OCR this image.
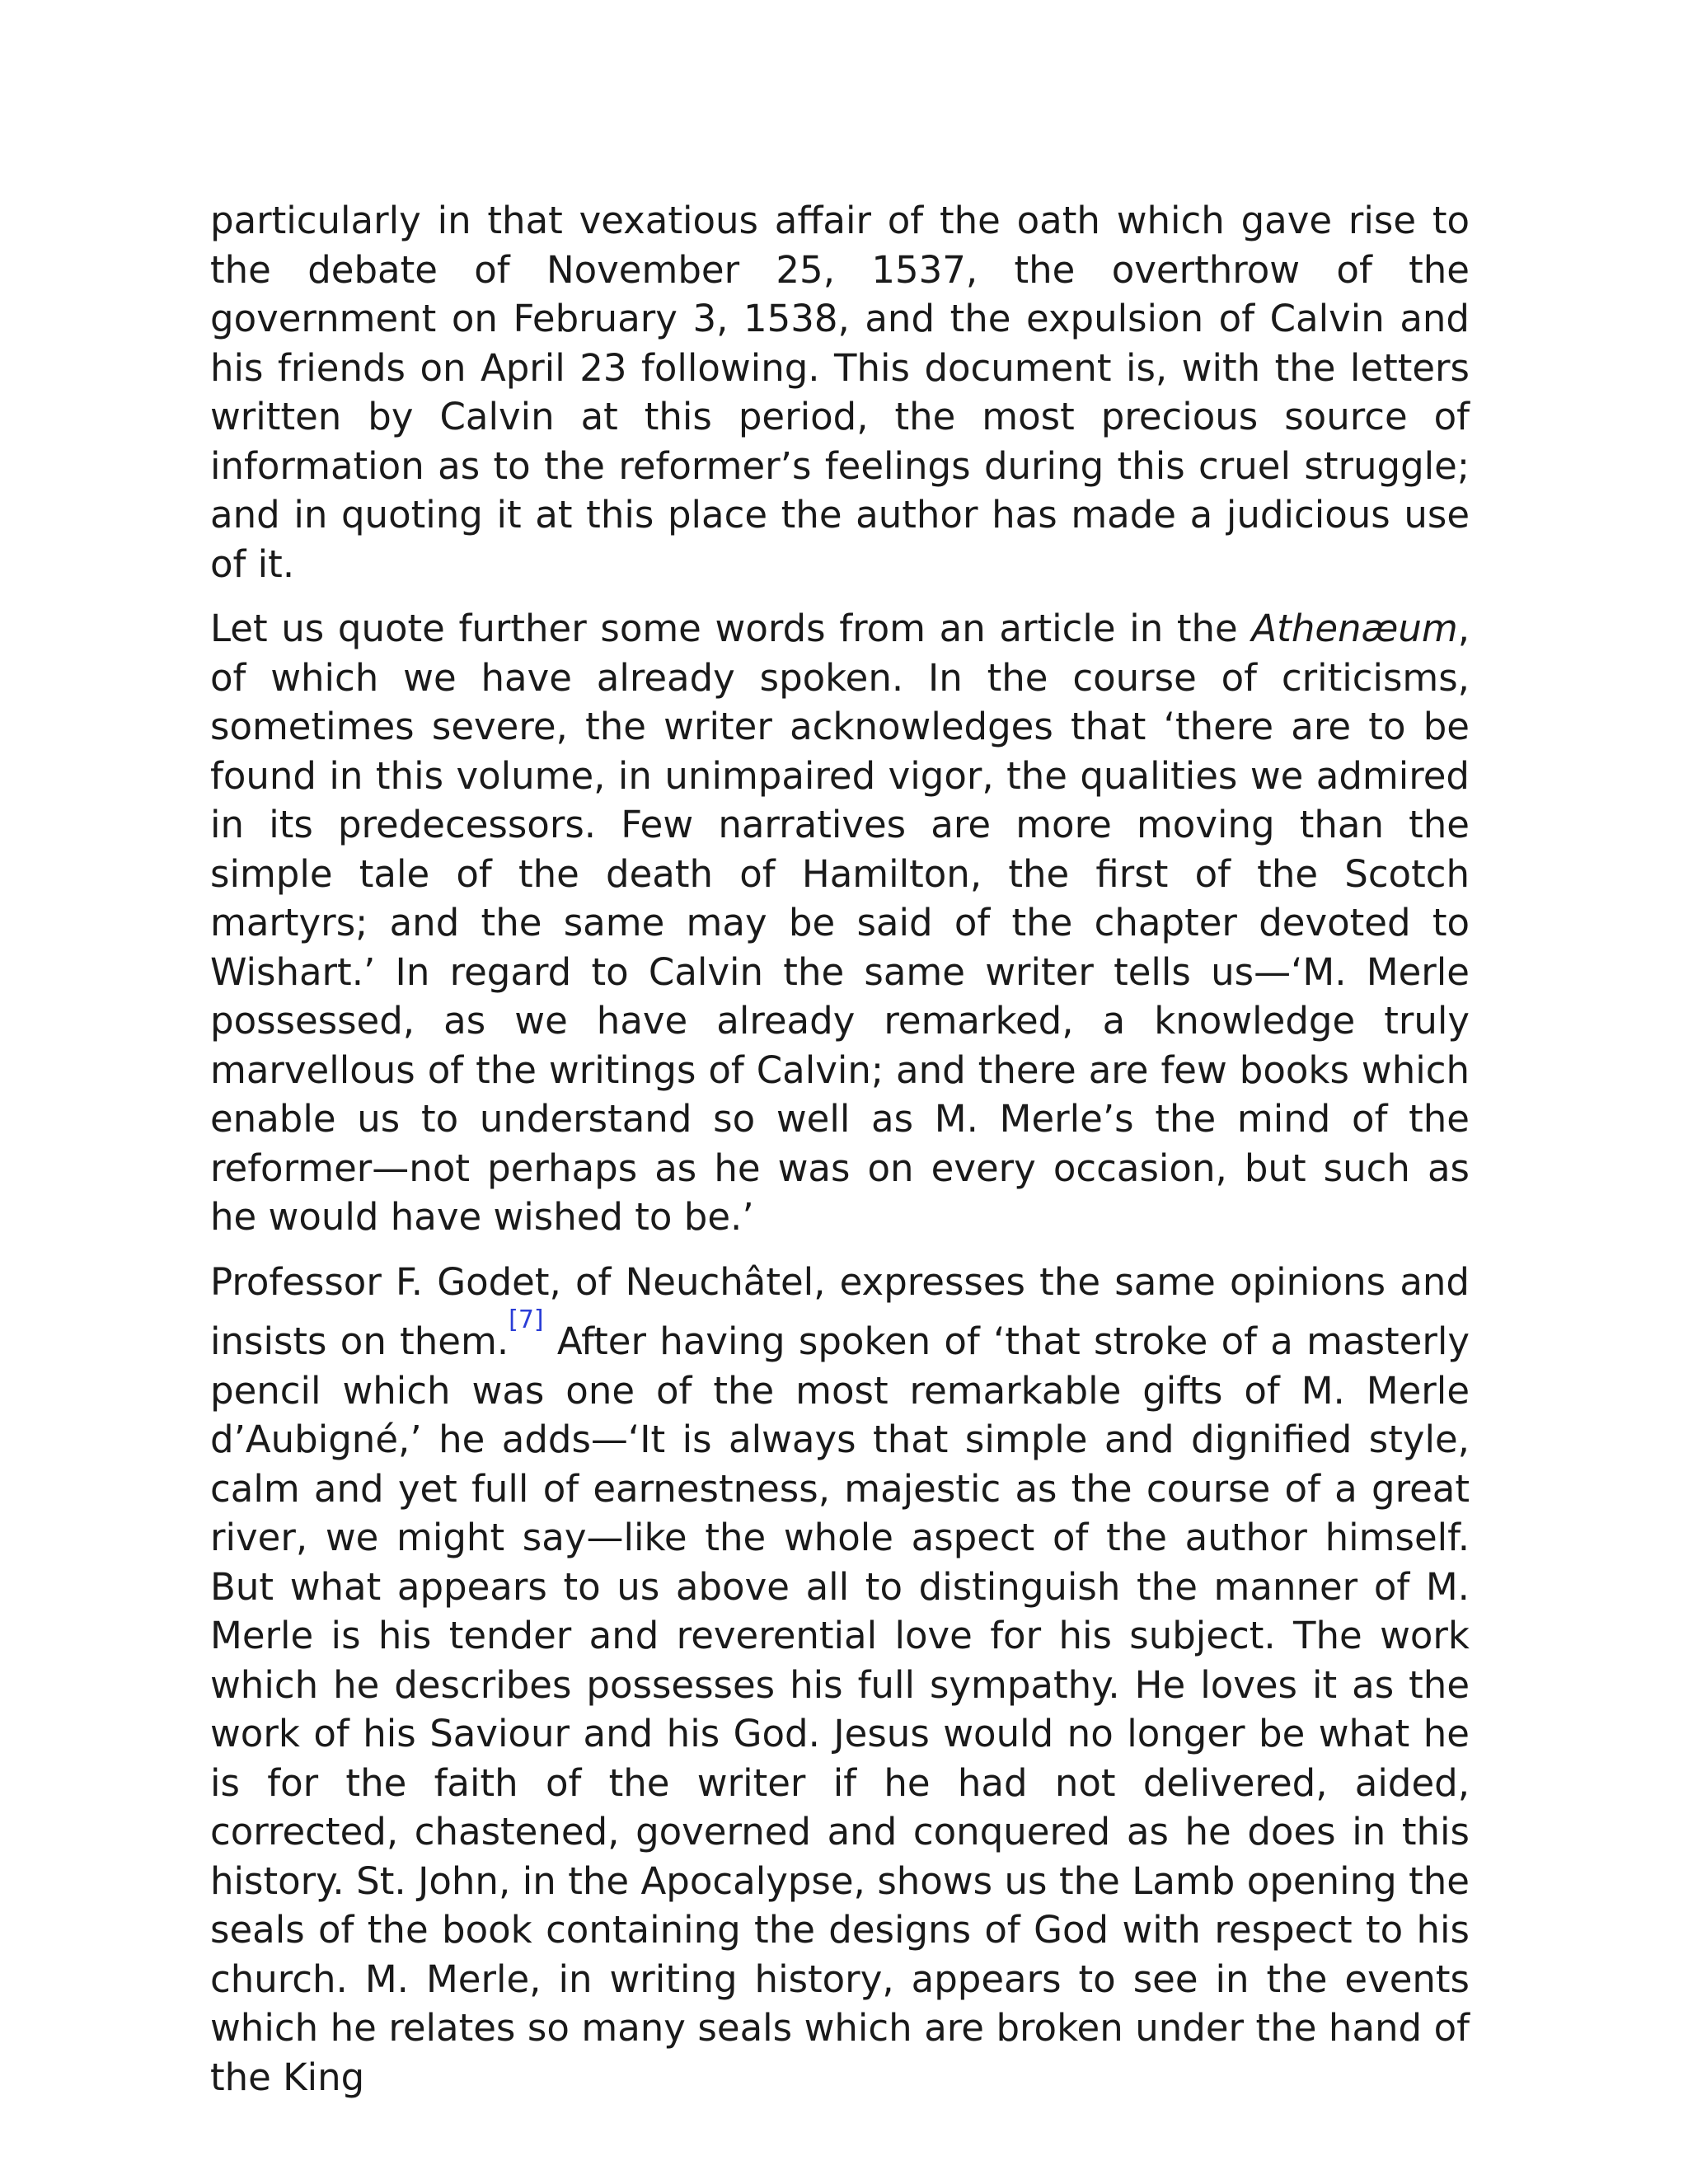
particularly in that vexatious affair of the oath which gave rise to the debate of November 25, 1537, the overthrow of the government on February 3, 1538, and the expulsion of Calvin and his friends on April 23 following. This document is, with the letters written by Calvin at this period, the most precious source of information as to the reformer’s feelings during this cruel struggle; and in quoting it at this place the author has made a judicious use of it.

Let us quote further some words from an article in the Athenæum, of which we have already spoken. In the course of criticisms, sometimes severe, the writer acknowledges that ‘there are to be found in this volume, in unimpaired vigor, the qualities we admired in its predecessors. Few narratives are more moving than the simple tale of the death of Hamilton, the first of the Scotch martyrs; and the same may be said of the chapter devoted to Wishart.’ In regard to Calvin the same writer tells us—‘M. Merle possessed, as we have already remarked, a knowledge truly marvellous of the writings of Calvin; and there are few books which enable us to understand so well as M. Merle’s the mind of the reformer—not perhaps as he was on every occasion, but such as he would have wished to be.’

Professor F. Godet, of Neuchâtel, expresses the same opinions and insists on them.[7] After having spoken of ‘that stroke of a masterly pencil which was one of the most remarkable gifts of M. Merle d’Aubigné,’ he adds—‘It is always that simple and dignified style, calm and yet full of earnestness, majestic as the course of a great river, we might say—like the whole aspect of the author himself. But what appears to us above all to distinguish the manner of M. Merle is his tender and reverential love for his subject. The work which he describes possesses his full sympathy. He loves it as the work of his Saviour and his God. Jesus would no longer be what he is for the faith of the writer if he had not delivered, aided, corrected, chastened, governed and conquered as he does in this history. St. John, in the Apocalypse, shows us the Lamb opening the seals of the book containing the designs of God with respect to his church. M. Merle, in writing history, appears to see in the events which he relates so many seals which are broken under the hand of the King
